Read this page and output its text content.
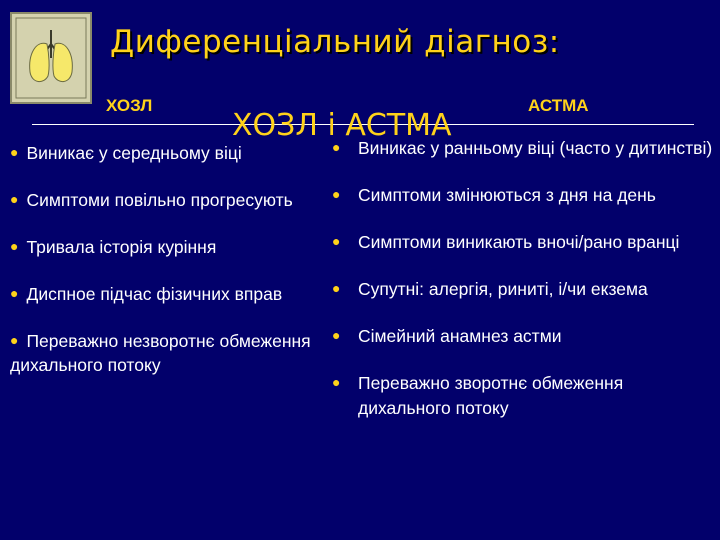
Диференціальний діагноз:
ХОЗЛ	АСТМА
ХОЗЛ і АСТМА
● Виникає у середньому віці
● Симптоми повільно прогресують
● Тривала історія куріння
● Диспное підчас фізичних вправ
● Переважно незворотнє обмеження дихального потоку
● Виникає у ранньому віці (часто у дитинстві)
● Симптоми змінюються з дня на день
● Симптоми виникають вночі/рано вранці
● Супутні: алергія, риниті, і/чи екзема
● Сімейний анамнез астми
● Переважно зворотнє обмеження дихального потоку
